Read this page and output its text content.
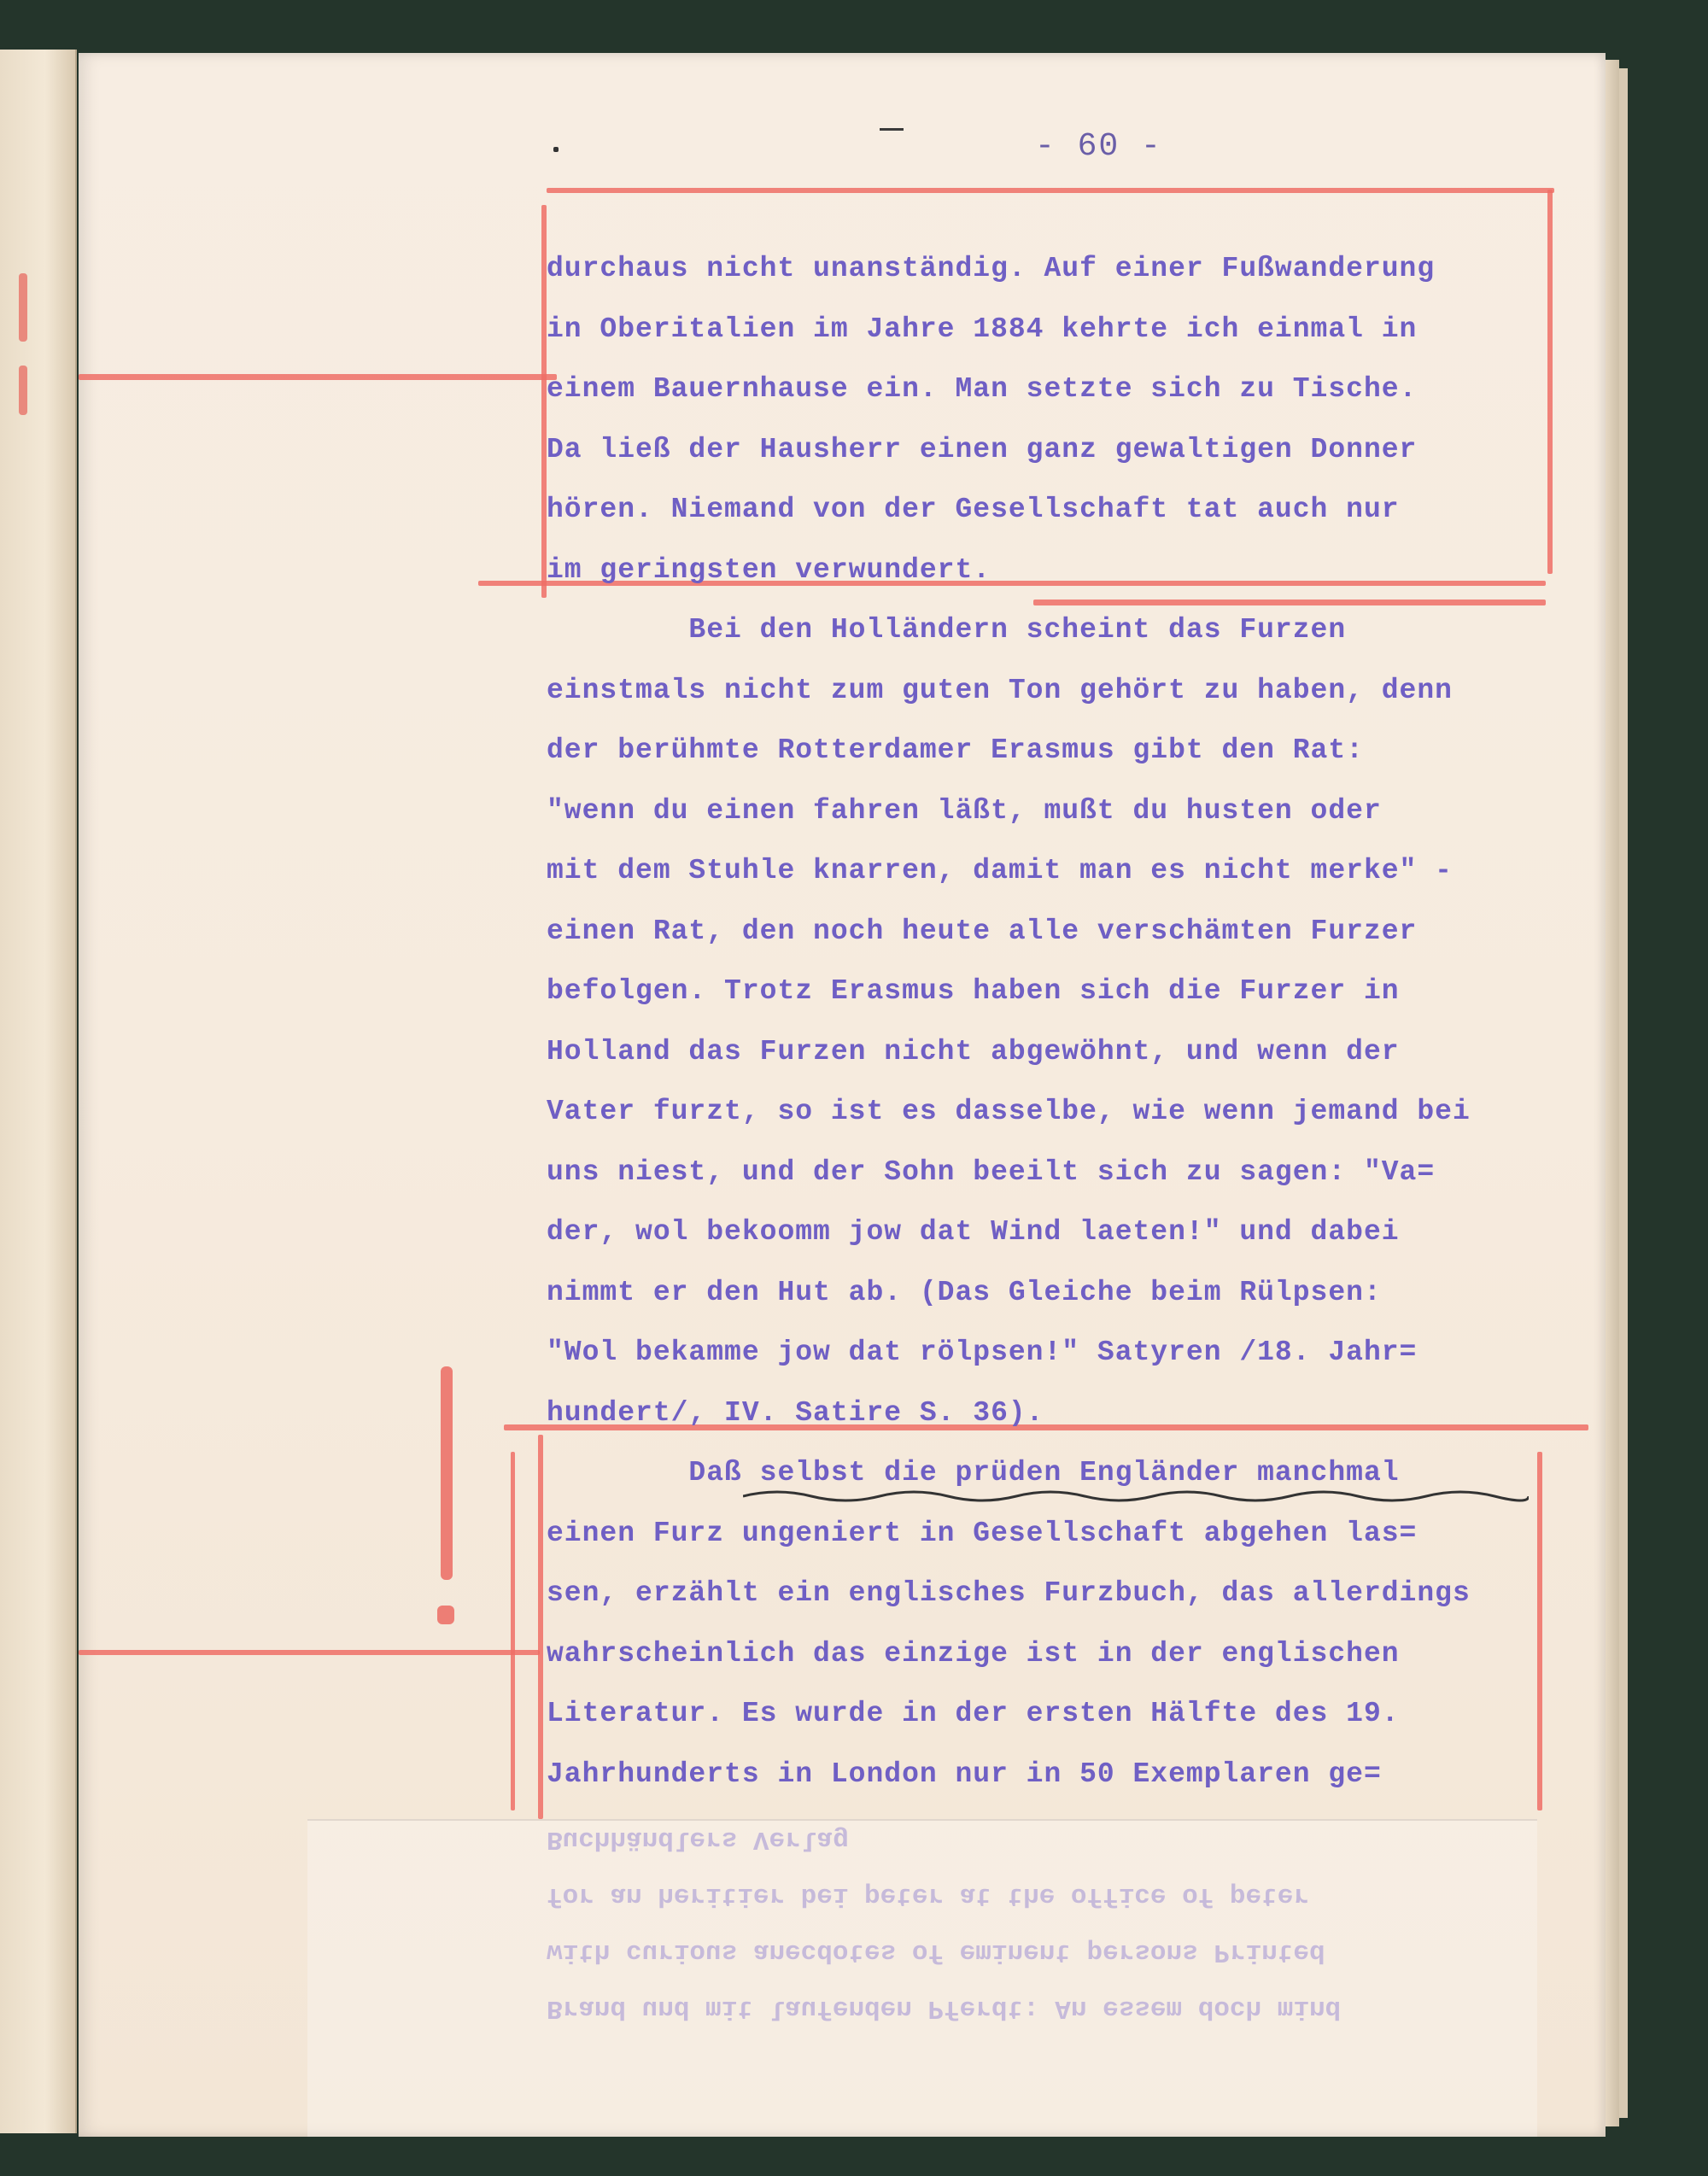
- 60 -
durchaus nicht unanständig. Auf einer Fußwanderung
in Oberitalien im Jahre 1884 kehrte ich einmal in
einem Bauernhause ein. Man setzte sich zu Tische.
Da ließ der Hausherr einen ganz gewaltigen Donner
hören. Niemand von der Gesellschaft tat auch nur
im geringsten verwundert.
Bei den Holländern scheint das Furzen
einstmals nicht zum guten Ton gehört zu haben, denn
der berühmte Rotterdamer Erasmus gibt den Rat:
"wenn du einen fahren läßt, mußt du husten oder
mit dem Stuhle knarren, damit man es nicht merke" -
einen Rat, den noch heute alle verschämten Furzer
befolgen. Trotz Erasmus haben sich die Furzer in
Holland das Furzen nicht abgewöhnt, und wenn der
Vater furzt, so ist es dasselbe, wie wenn jemand bei
uns niest, und der Sohn beeilt sich zu sagen: "Va=
der, wol bekoomm jow dat Wind laeten!" und dabei
nimmt er den Hut ab. (Das Gleiche beim Rülpsen:
"Wol bekamme jow dat rölpsen!" Satyren /18. Jahr=
hundert/, IV. Satire S. 36).
Daß selbst die prüden Engländer manchmal
einen Furz ungeniert in Gesellschaft abgehen las=
sen, erzählt ein englisches Furzbuch, das allerdings
wahrscheinlich das einzige ist in der englischen
Literatur. Es wurde in der ersten Hälfte des 19.
Jahrhunderts in London nur in 50 Exemplaren ge=
Brand und mit laufenden Pferdt: An essem doch mind
with curious anecdotes of eminent persons Printed
for an heritier bei peter at the office of peter
Buchhändlers Verlag
